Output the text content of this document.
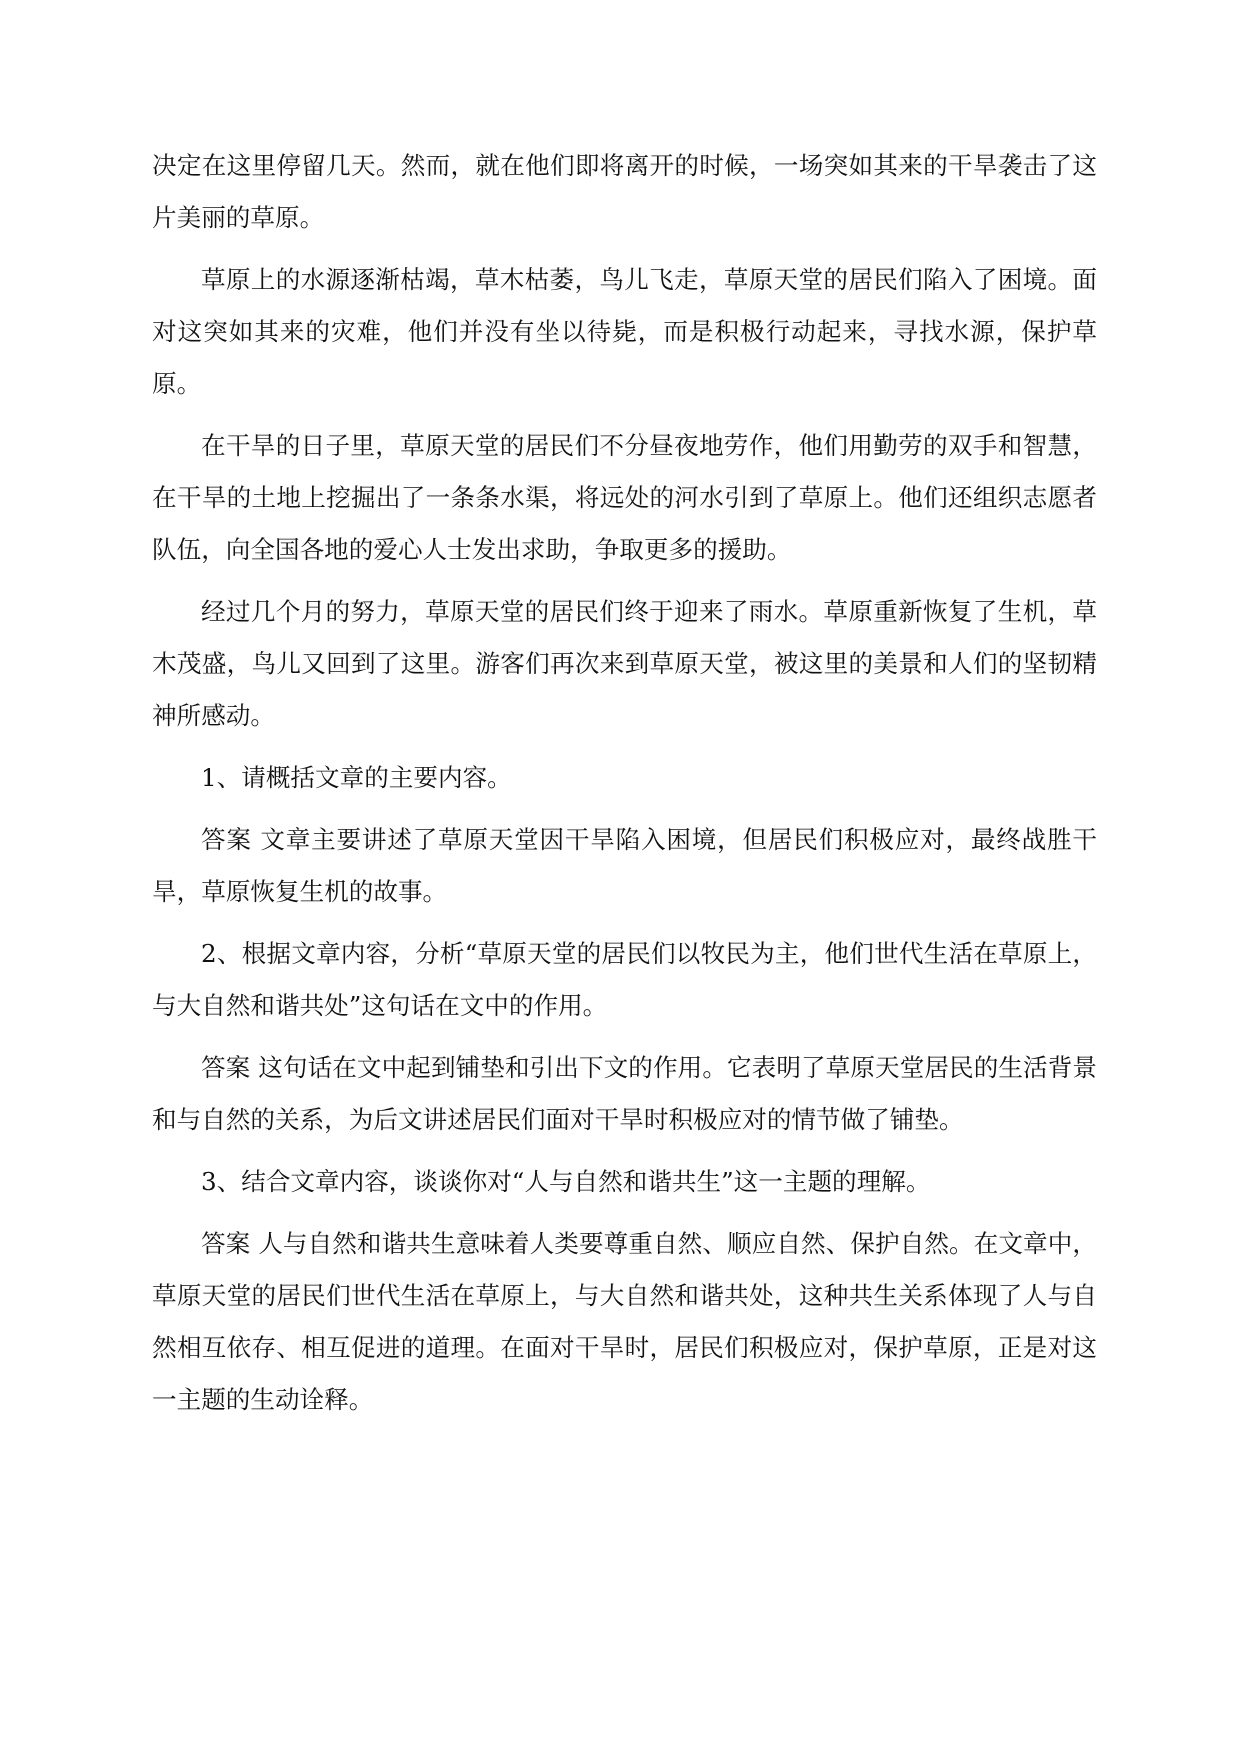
决定在这里停留几天。然而，就在他们即将离开的时候，一场突如其来的干旱袭击了这片美丽的草原。

草原上的水源逐渐枯竭，草木枯萎，鸟儿飞走，草原天堂的居民们陷入了困境。面对这突如其来的灾难，他们并没有坐以待毙，而是积极行动起来，寻找水源，保护草原。

在干旱的日子里，草原天堂的居民们不分昼夜地劳作，他们用勤劳的双手和智慧，在干旱的土地上挖掘出了一条条水渠，将远处的河水引到了草原上。他们还组织志愿者队伍，向全国各地的爱心人士发出求助，争取更多的援助。

经过几个月的努力，草原天堂的居民们终于迎来了雨水。草原重新恢复了生机，草木茂盛，鸟儿又回到了这里。游客们再次来到草原天堂，被这里的美景和人们的坚韧精神所感动。

1、请概括文章的主要内容。

答案 文章主要讲述了草原天堂因干旱陷入困境，但居民们积极应对，最终战胜干旱，草原恢复生机的故事。

2、根据文章内容，分析“草原天堂的居民们以牧民为主，他们世代生活在草原上，与大自然和谐共处”这句话在文中的作用。

答案 这句话在文中起到铺垫和引出下文的作用。它表明了草原天堂居民的生活背景和与自然的关系，为后文讲述居民们面对干旱时积极应对的情节做了铺垫。

3、结合文章内容，谈谈你对“人与自然和谐共生”这一主题的理解。

答案 人与自然和谐共生意味着人类要尊重自然、顺应自然、保护自然。在文章中，草原天堂的居民们世代生活在草原上，与大自然和谐共处，这种共生关系体现了人与自然相互依存、相互促进的道理。在面对干旱时，居民们积极应对，保护草原，正是对这一主题的生动诠释。
